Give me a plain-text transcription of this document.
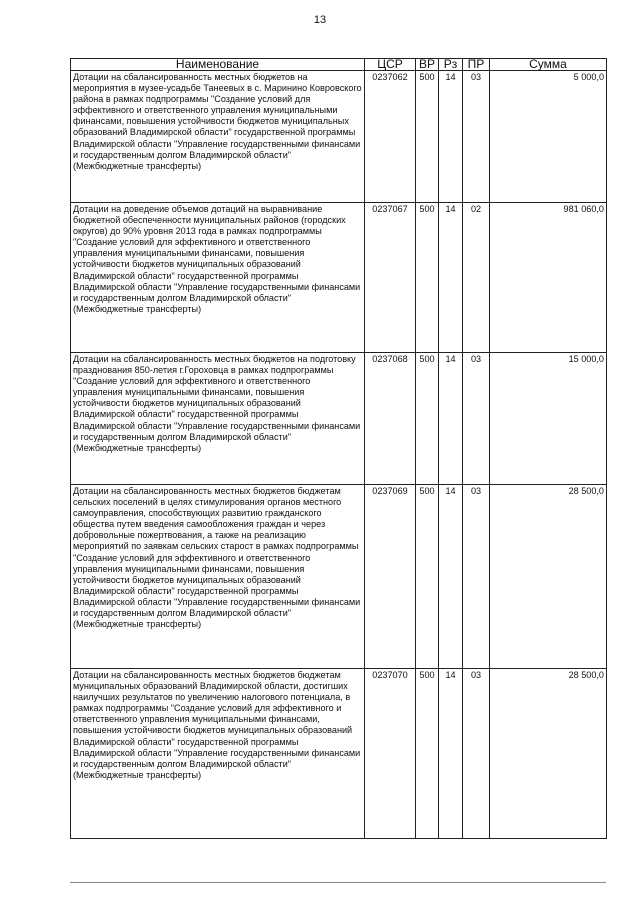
13
Наименование	ЦСР	ВР	Рз	ПР	Сумма
Дотации на сбалансированность местных бюджетов на мероприятия в музее-усадьбе Танеевых в с. Маринино Ковровского района в рамках подпрограммы "Создание условий для эффективного и ответственного управления муниципальными финансами, повышения устойчивости бюджетов муниципальных образований Владимирской области" государственной программы Владимирской области "Управление государственными финансами и государственным долгом Владимирской области" (Межбюджетные трансферты)	0237062	500	14	03	5 000,0
Дотации на доведение объемов дотаций на выравнивание бюджетной обеспеченности муниципальных районов (городских округов) до 90% уровня 2013 года в рамках подпрограммы "Создание условий для эффективного и ответственного управления муниципальными финансами, повышения устойчивости бюджетов муниципальных образований Владимирской области" государственной программы Владимирской области "Управление государственными финансами и государственным долгом Владимирской области" (Межбюджетные трансферты)	0237067	500	14	02	981 060,0
Дотации на сбалансированность местных бюджетов на подготовку празднования 850-летия г.Гороховца в рамках подпрограммы "Создание условий для эффективного и ответственного управления муниципальными финансами, повышения устойчивости бюджетов муниципальных образований Владимирской области" государственной программы Владимирской области "Управление государственными финансами и государственным долгом Владимирской области" (Межбюджетные трансферты)	0237068	500	14	03	15 000,0
Дотации на сбалансированность местных бюджетов бюджетам сельских поселений в целях стимулирования органов местного самоуправления, способствующих развитию гражданского общества путем введения самообложения граждан и через добровольные пожертвования, а также на реализацию мероприятий по заявкам сельских старост в рамках подпрограммы "Создание условий для эффективного и ответственного управления муниципальными финансами, повышения устойчивости бюджетов муниципальных образований Владимирской области" государственной программы Владимирской области "Управление государственными финансами и государственным долгом Владимирской области" (Межбюджетные трансферты)	0237069	500	14	03	28 500,0
Дотации на сбалансированность местных бюджетов бюджетам муниципальных образований Владимирской области, достигших наилучших результатов по увеличению налогового потенциала, в рамках подпрограммы "Создание условий для эффективного и ответственного управления муниципальными финансами, повышения устойчивости бюджетов муниципальных образований Владимирской области" государственной программы Владимирской области "Управление государственными финансами и государственным долгом Владимирской области" (Межбюджетные трансферты)	0237070	500	14	03	28 500,0
